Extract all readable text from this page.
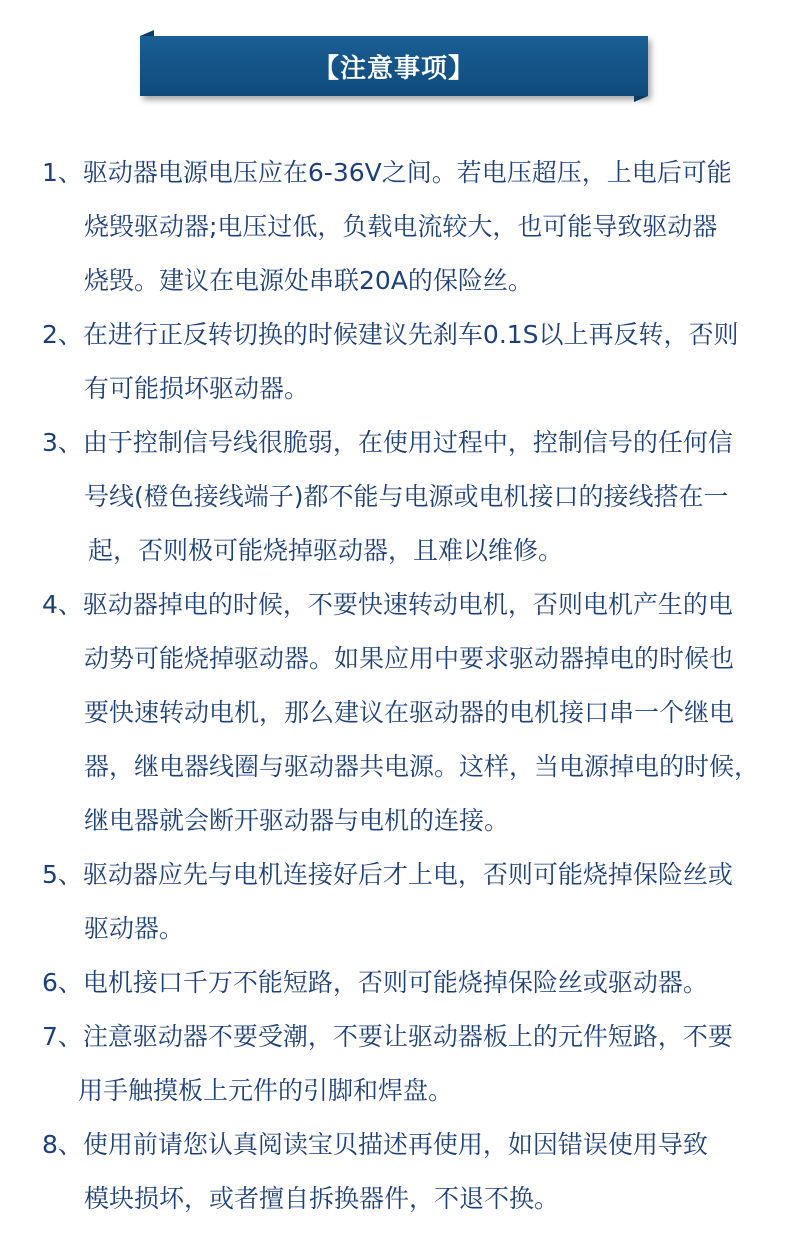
【注意事项】
1、驱动器电源电压应在6-36V之间。若电压超压，上电后可能
烧毁驱动器;电压过低，负载电流较大，也可能导致驱动器
烧毁。建议在电源处串联20A的保险丝。
2、在进行正反转切换的时候建议先刹车0.1S以上再反转，否则
有可能损坏驱动器。
3、由于控制信号线很脆弱，在使用过程中，控制信号的任何信
号线(橙色接线端子)都不能与电源或电机接口的接线搭在一
起，否则极可能烧掉驱动器，且难以维修。
4、驱动器掉电的时候，不要快速转动电机，否则电机产生的电
动势可能烧掉驱动器。如果应用中要求驱动器掉电的时候也
要快速转动电机，那么建议在驱动器的电机接口串一个继电
器，继电器线圈与驱动器共电源。这样，当电源掉电的时候，
继电器就会断开驱动器与电机的连接。
5、驱动器应先与电机连接好后才上电，否则可能烧掉保险丝或
驱动器。
6、电机接口千万不能短路，否则可能烧掉保险丝或驱动器。
7、注意驱动器不要受潮，不要让驱动器板上的元件短路，不要
用手触摸板上元件的引脚和焊盘。
8、使用前请您认真阅读宝贝描述再使用，如因错误使用导致
模块损坏，或者擅自拆换器件，不退不换。
